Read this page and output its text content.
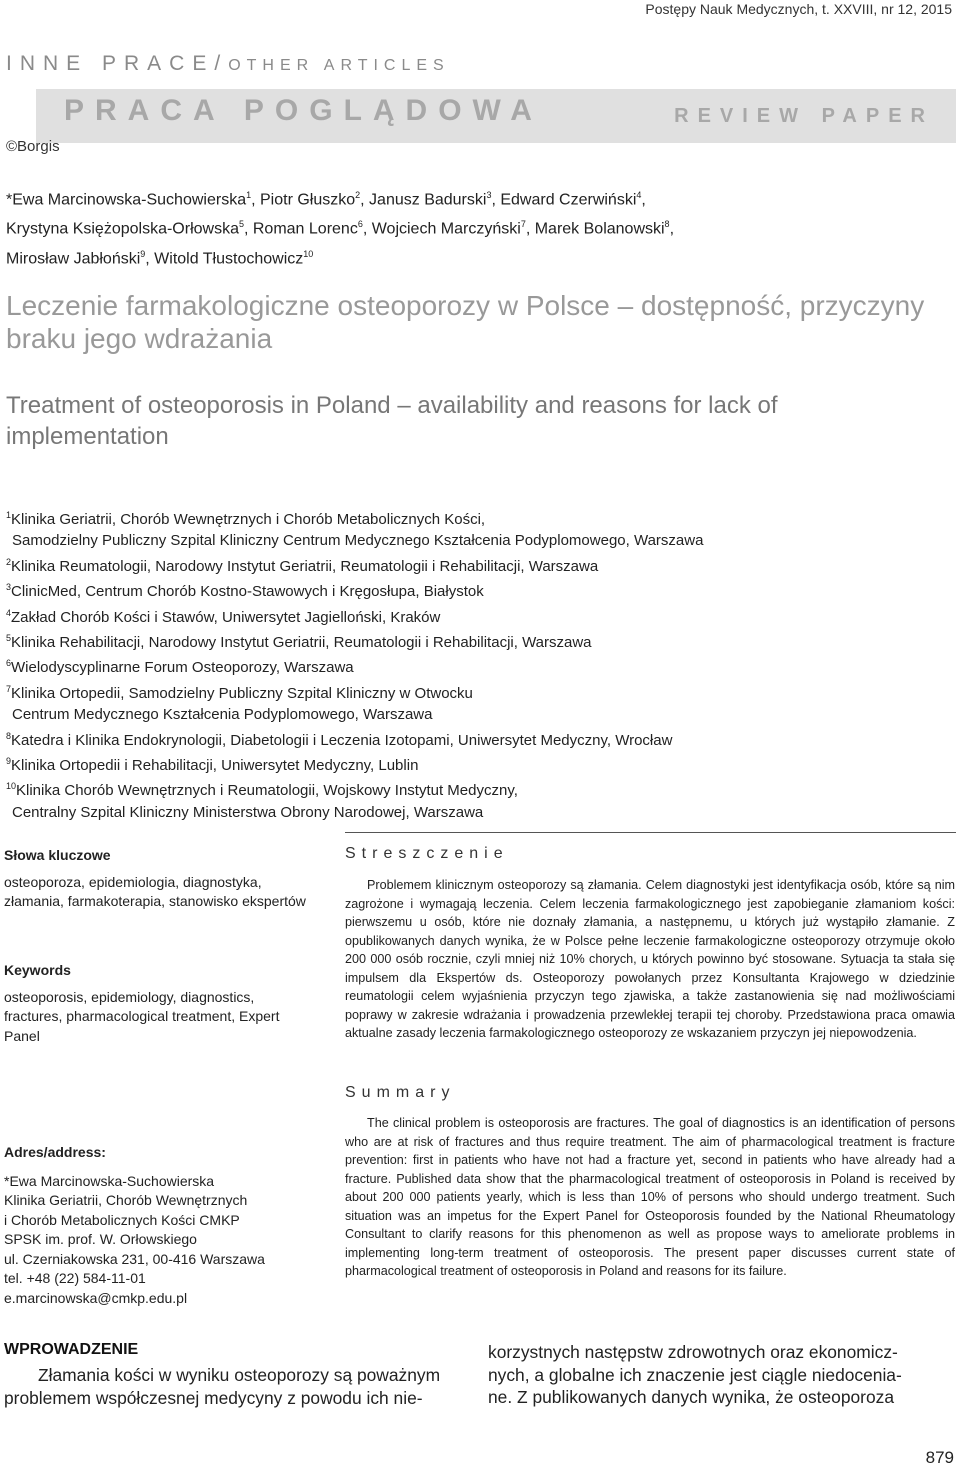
Postępy Nauk Medycznych, t. XXVIII, nr 12, 2015
INNE PRACE/OTHER ARTICLES
PRACA POGLĄDOWA	REVIEW PAPER
©Borgis
*Ewa Marcinowska-Suchowierska$^1$, Piotr Głuszko$^2$, Janusz Badurski$^3$, Edward Czerwiński$^4$,
Krystyna Księżopolska-Orłowska$^5$, Roman Lorenc$^6$, Wojciech Marczyński$^7$, Marek Bolanowski$^8$,
Mirosław Jabłoński$^9$, Witold Tłustochowicz$^{10}$
Leczenie farmakologiczne osteoporozy w Polsce – dostępność, przyczyny braku jego wdrażania
Treatment of osteoporosis in Poland – availability and reasons for lack of implementation
$^1$Klinika Geriatrii, Chorób Wewnętrznych i Chorób Metabolicznych Kości,
Samodzielny Publiczny Szpital Kliniczny Centrum Medycznego Kształcenia Podyplomowego, Warszawa
$^2$Klinika Reumatologii, Narodowy Instytut Geriatrii, Reumatologii i Rehabilitacji, Warszawa
$^3$ClinicMed, Centrum Chorób Kostno-Stawowych i Kręgosłupa, Białystok
$^4$Zakład Chorób Kości i Stawów, Uniwersytet Jagielloński, Kraków
$^5$Klinika Rehabilitacji, Narodowy Instytut Geriatrii, Reumatologii i Rehabilitacji, Warszawa
$^6$Wielodyscyplinarne Forum Osteoporozy, Warszawa
$^7$Klinika Ortopedii, Samodzielny Publiczny Szpital Kliniczny w Otwocku
Centrum Medycznego Kształcenia Podyplomowego, Warszawa
$^8$Katedra i Klinika Endokrynologii, Diabetologii i Leczenia Izotopami, Uniwersytet Medyczny, Wrocław
$^9$Klinika Ortopedii i Rehabilitacji, Uniwersytet Medyczny, Lublin
$^{10}$Klinika Chorób Wewnętrznych i Reumatologii, Wojskowy Instytut Medyczny,
Centralny Szpital Kliniczny Ministerstwa Obrony Narodowej, Warszawa
Słowa kluczowe
osteoporoza, epidemiologia, diagnostyka, złamania, farmakoterapia, stanowisko ekspertów
Keywords
osteoporosis, epidemiology, diagnostics, fractures, pharmacological treatment, Expert Panel
Adres/address:
*Ewa Marcinowska-Suchowierska
Klinika Geriatrii, Chorób Wewnętrznych
i Chorób Metabolicznych Kości CMKP
SPSK im. prof. W. Orłowskiego
ul. Czerniakowska 231, 00-416 Warszawa
tel. +48 (22) 584-11-01
e.marcinowska@cmkp.edu.pl
Streszczenie
Problemem klinicznym osteoporozy są złamania. Celem diagnostyki jest identyfikacja osób, które są nim zagrożone i wymagają leczenia. Celem leczenia farmakologicznego jest zapobieganie złamaniom kości: pierwszemu u osób, które nie doznały złamania, a następnemu, u których już wystąpiło złamanie. Z opublikowanych danych wynika, że w Polsce pełne leczenie farmakologiczne osteoporozy otrzymuje około 200 000 osób rocznie, czyli mniej niż 10% chorych, u których powinno być stosowane. Sytuacja ta stała się impulsem dla Ekspertów ds. Osteoporozy powołanych przez Konsultanta Krajowego w dziedzinie reumatologii celem wyjaśnienia przyczyn tego zjawiska, a także zastanowienia się nad możliwościami poprawy w zakresie wdrażania i prowadzenia przewlekłej terapii tej choroby. Przedstawiona praca omawia aktualne zasady leczenia farmakologicznego osteoporozy ze wskazaniem przyczyn jej niepowodzenia.
Summary
The clinical problem is osteoporosis are fractures. The goal of diagnostics is an identification of persons who are at risk of fractures and thus require treatment. The aim of pharmacological treatment is fracture prevention: first in patients who have not had a fracture yet, second in patients who have already had a fracture. Published data show that the pharmacological treatment of osteoporosis in Poland is received by about 200 000 patients yearly, which is less than 10% of persons who should undergo treatment. Such situation was an impetus for the Expert Panel for Osteoporosis founded by the National Rheumatology Consultant to clarify reasons for this phenomenon as well as propose ways to ameliorate problems in implementing long-term treatment of osteoporosis. The present paper discusses current state of pharmacological treatment of osteoporosis in Poland and reasons for its failure.
WPROWADZENIE
Złamania kości w wyniku osteoporozy są poważnym
problemem współczesnej medycyny z powodu ich nie-
korzystnych następstw zdrowotnych oraz ekonomicz-
nych, a globalne ich znaczenie jest ciągle niedocenia-
ne. Z publikowanych danych wynika, że osteoporoza
879
